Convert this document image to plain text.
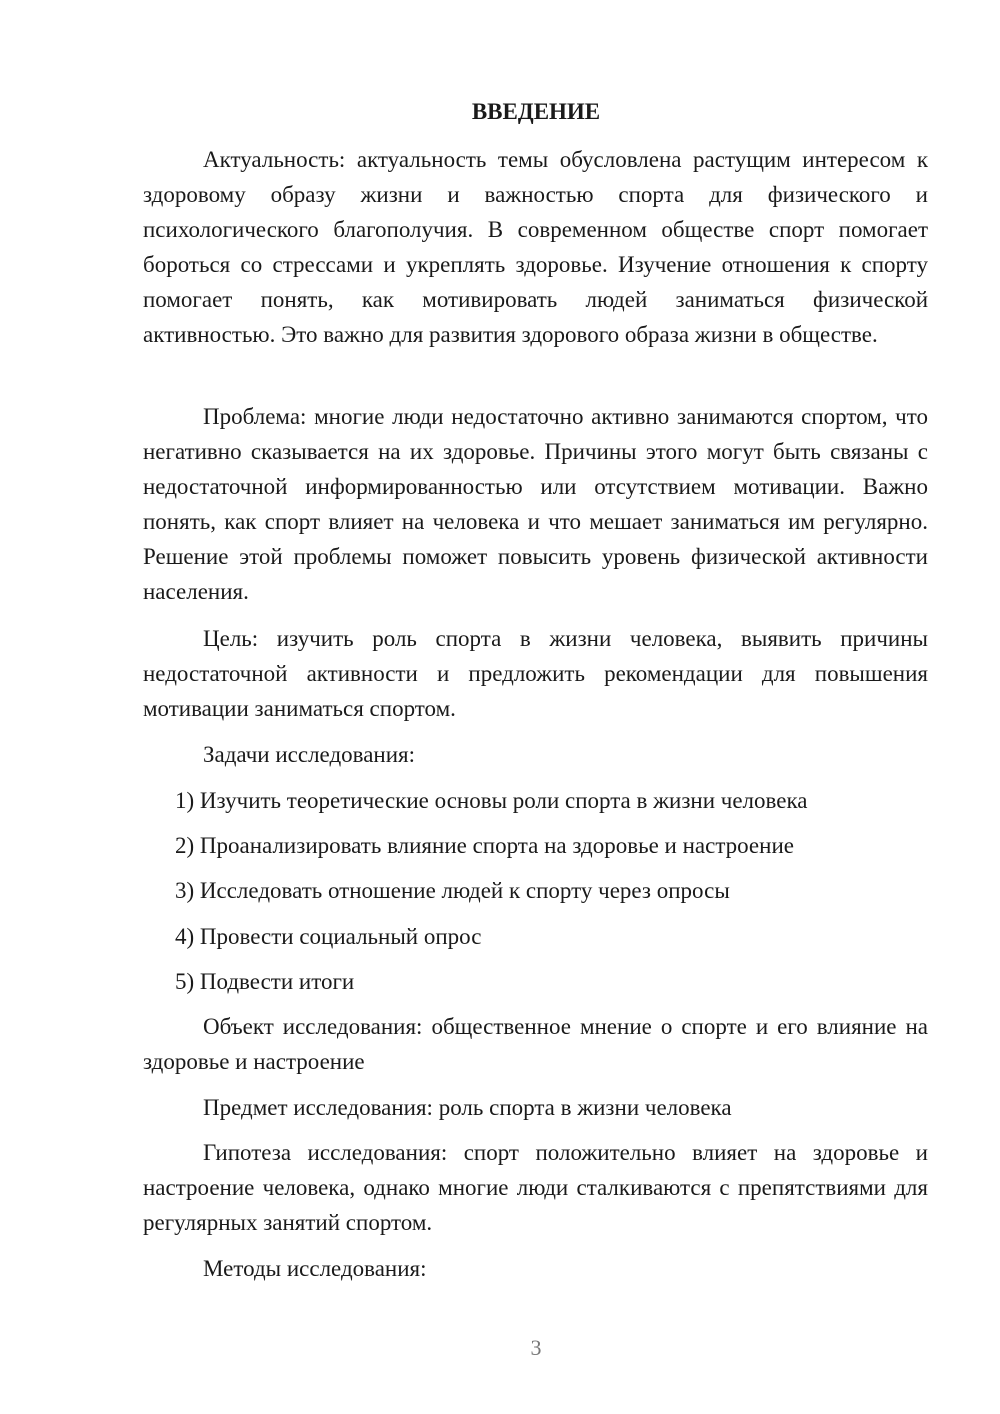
ВВЕДЕНИЕ

Актуальность: актуальность темы обусловлена растущим интересом к здоровому образу жизни и важностью спорта для физического и психологического благополучия. В современном обществе спорт помогает бороться со стрессами и укреплять здоровье. Изучение отношения к спорту помогает понять, как мотивировать людей заниматься физической активностью. Это важно для развития здорового образа жизни в обществе.

Проблема: многие люди недостаточно активно занимаются спортом, что негативно сказывается на их здоровье. Причины этого могут быть связаны с недостаточной информированностью или отсутствием мотивации. Важно понять, как спорт влияет на человека и что мешает заниматься им регулярно. Решение этой проблемы поможет повысить уровень физической активности населения.

Цель: изучить роль спорта в жизни человека, выявить причины недостаточной активности и предложить рекомендации для повышения мотивации заниматься спортом.

Задачи исследования:

1) Изучить теоретические основы роли спорта в жизни человека

2) Проанализировать влияние спорта на здоровье и настроение

3) Исследовать отношение людей к спорту через опросы

4) Провести социальный опрос

5) Подвести итоги

Объект исследования: общественное мнение о спорте и его влияние на здоровье и настроение

Предмет исследования: роль спорта в жизни человека

Гипотеза исследования: спорт положительно влияет на здоровье и настроение человека, однако многие люди сталкиваются с препятствиями для регулярных занятий спортом.

Методы исследования:

3
